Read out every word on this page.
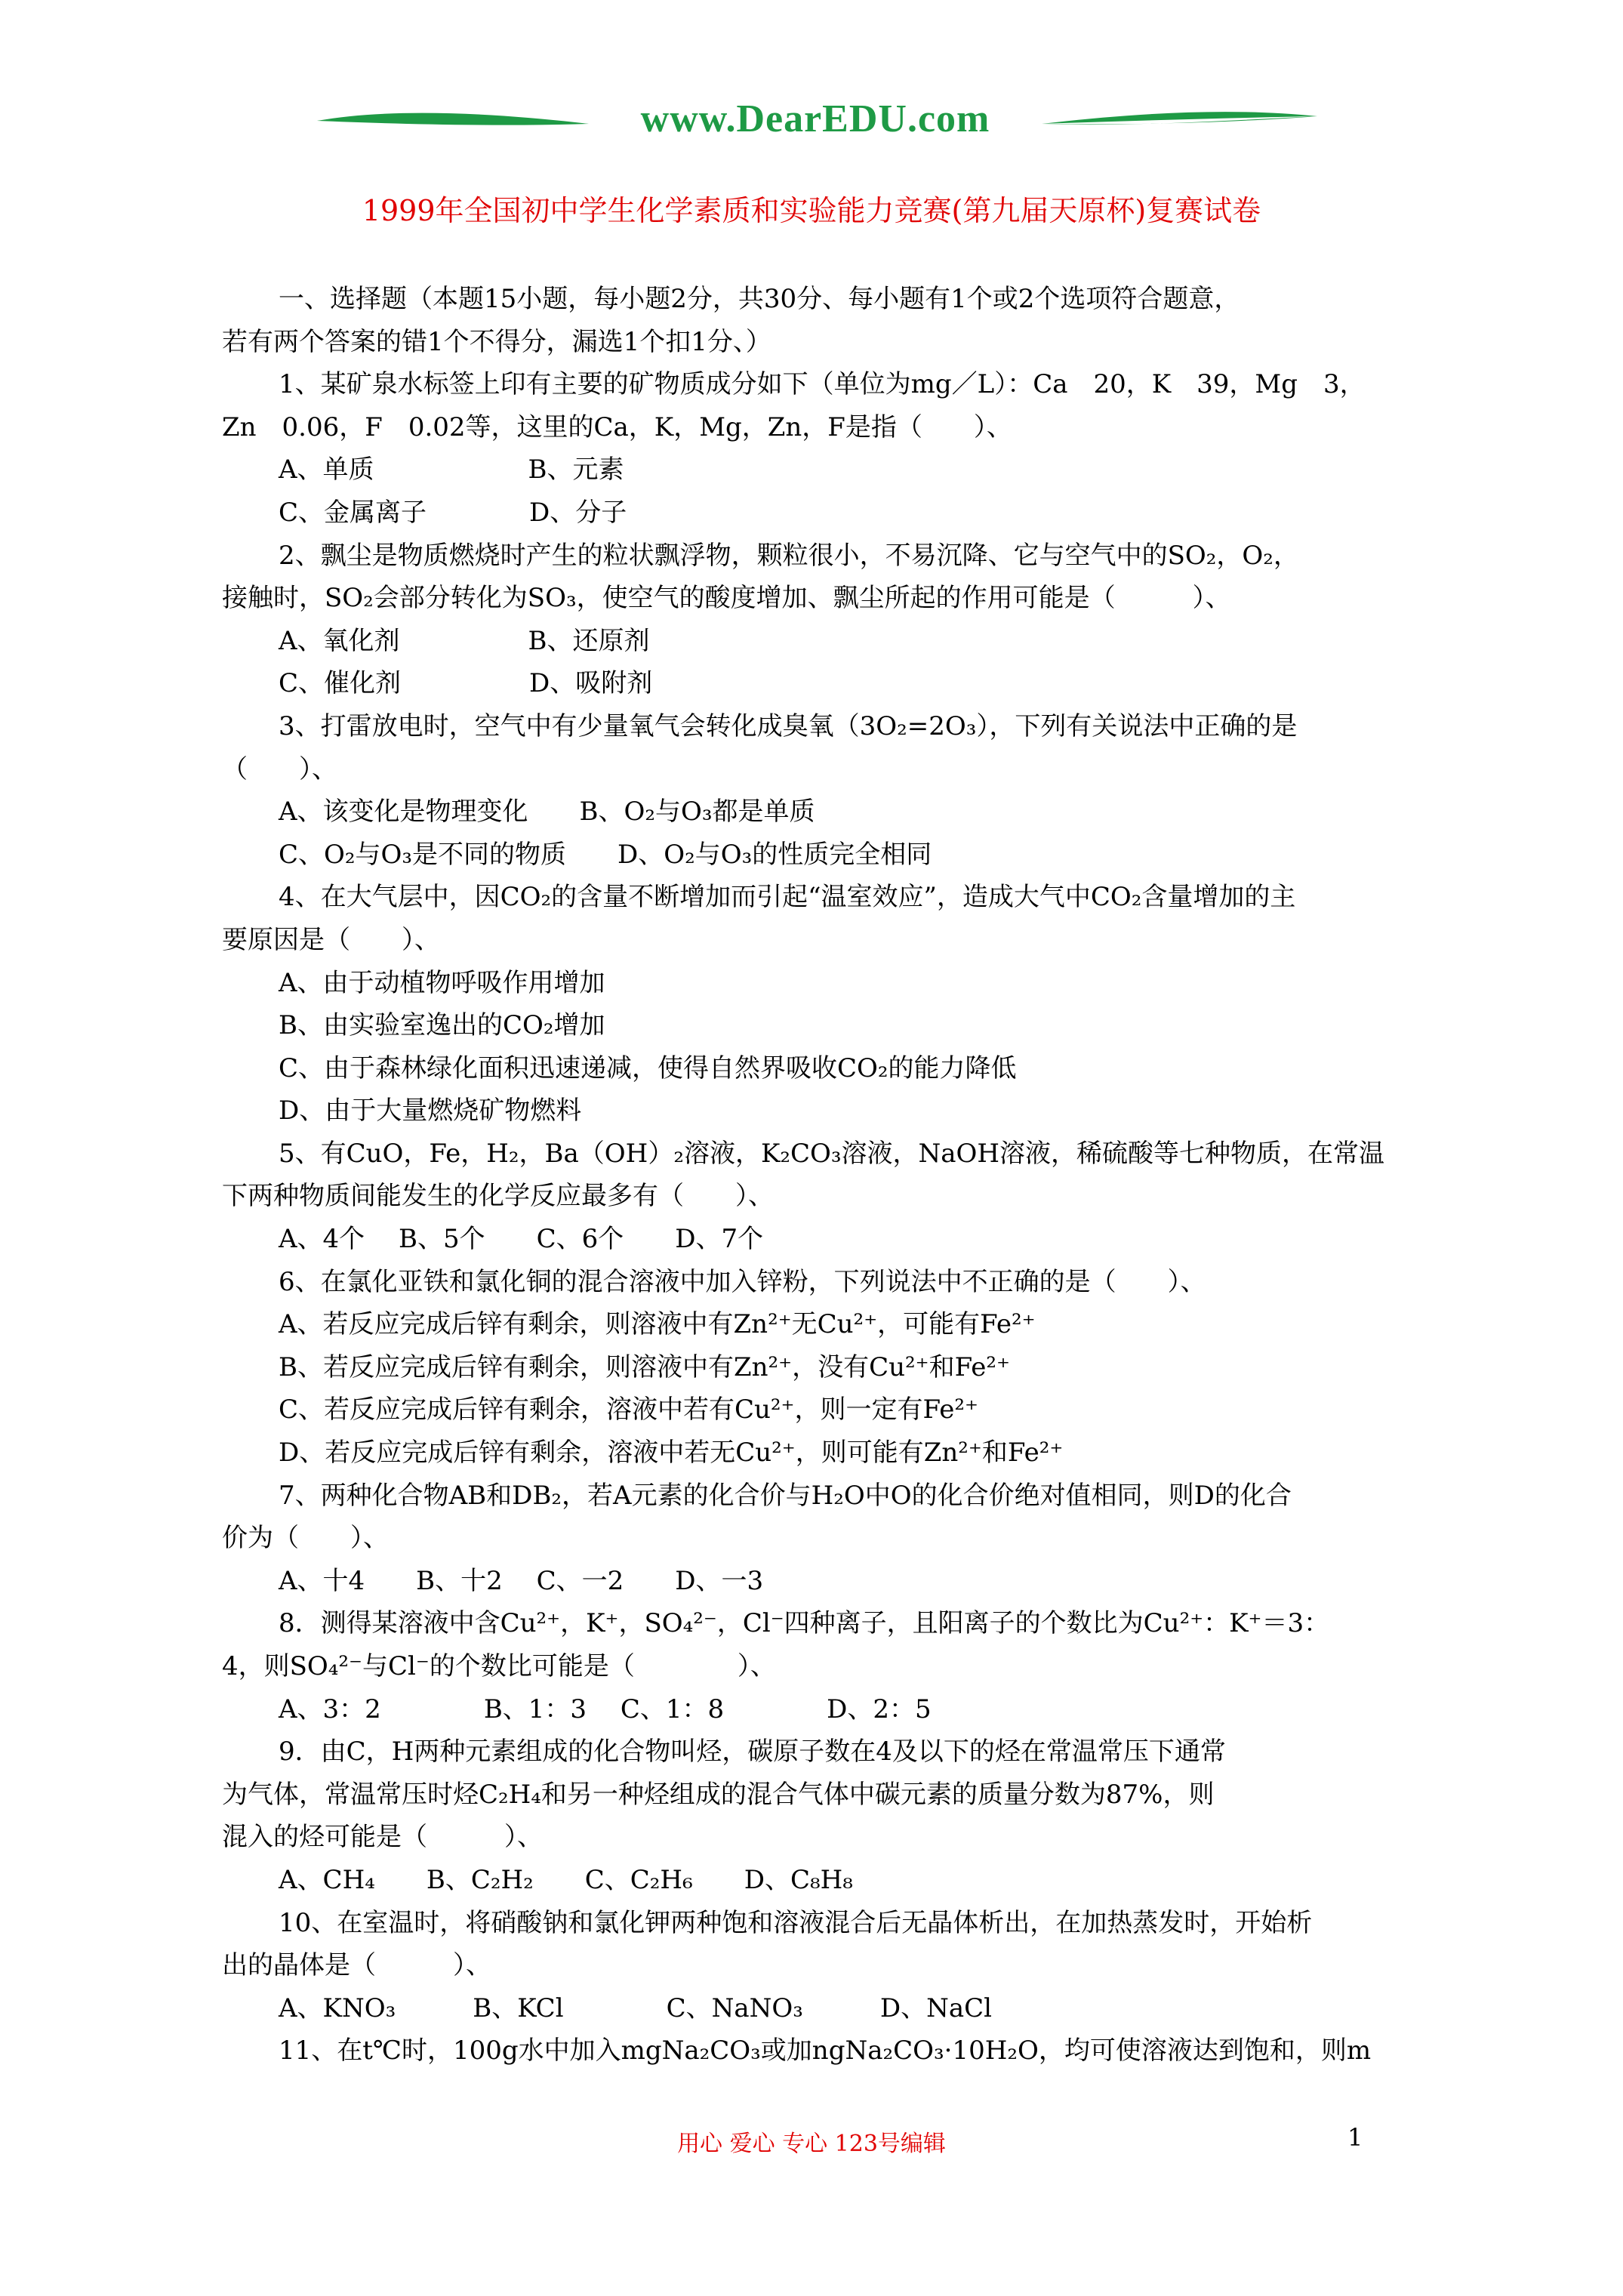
www.DearEDU.com
1999年全国初中学生化学素质和实验能力竞赛(第九届天原杯)复赛试卷
一、选择题（本题15小题，每小题2分，共30分、每小题有1个或2个选项符合题意，
若有两个答案的错1个不得分，漏选1个扣1分、）
1、某矿泉水标签上印有主要的矿物质成分如下（单位为mg／L）：Ca　20，K　39，Mg　3，
Zn　0.06，F　0.02等，这里的Ca，K，Mg，Zn，F是指（　　）、
A、单质　　　　　　B、元素
C、金属离子　　　　D、分子
2、飘尘是物质燃烧时产生的粒状飘浮物，颗粒很小，不易沉降、它与空气中的SO₂，O₂，
接触时，SO₂会部分转化为SO₃，使空气的酸度增加、飘尘所起的作用可能是（　　　）、
A、氧化剂　　　　　B、还原剂
C、催化剂　　　　　D、吸附剂
3、打雷放电时，空气中有少量氧气会转化成臭氧（3O₂=2O₃），下列有关说法中正确的是
（　　）、
A、该变化是物理变化　　B、O₂与O₃都是单质
C、O₂与O₃是不同的物质　　D、O₂与O₃的性质完全相同
4、在大气层中，因CO₂的含量不断增加而引起“温室效应”，造成大气中CO₂含量增加的主
要原因是（　　）、
A、由于动植物呼吸作用增加
B、由实验室逸出的CO₂增加
C、由于森林绿化面积迅速递减，使得自然界吸收CO₂的能力降低
D、由于大量燃烧矿物燃料
5、有CuO，Fe，H₂，Ba（OH）₂溶液，K₂CO₃溶液，NaOH溶液，稀硫酸等七种物质，在常温
下两种物质间能发生的化学反应最多有（　　）、
A、4个　 B、5个　　C、6个　　D、7个
6、在氯化亚铁和氯化铜的混合溶液中加入锌粉，下列说法中不正确的是（　　）、
A、若反应完成后锌有剩余，则溶液中有Zn²⁺无Cu²⁺，可能有Fe²⁺
B、若反应完成后锌有剩余，则溶液中有Zn²⁺，没有Cu²⁺和Fe²⁺
C、若反应完成后锌有剩余，溶液中若有Cu²⁺，则一定有Fe²⁺
D、若反应完成后锌有剩余，溶液中若无Cu²⁺，则可能有Zn²⁺和Fe²⁺
7、两种化合物AB和DB₂，若A元素的化合价与H₂O中O的化合价绝对值相同，则D的化合
价为（　　）、
A、十4　　B、十2　 C、一2　　D、一3
8．测得某溶液中含Cu²⁺，K⁺，SO₄²⁻，Cl⁻四种离子，且阳离子的个数比为Cu²⁺：K⁺＝3：
4，则SO₄²⁻与Cl⁻的个数比可能是（　　　　）、
A、3：2　　　　B、1：3　 C、1：8　　　　D、2：5
9．由C，H两种元素组成的化合物叫烃，碳原子数在4及以下的烃在常温常压下通常
为气体，常温常压时烃C₂H₄和另一种烃组成的混合气体中碳元素的质量分数为87%，则
混入的烃可能是（　　　）、
A、CH₄　　B、C₂H₂　　C、C₂H₆　　D、C₈H₈
10、在室温时，将硝酸钠和氯化钾两种饱和溶液混合后无晶体析出，在加热蒸发时，开始析
出的晶体是（　　　）、
A、KNO₃　　　B、KCl　　　　C、NaNO₃　　　D、NaCl
11、在t℃时，100g水中加入mgNa₂CO₃或加ngNa₂CO₃·10H₂O，均可使溶液达到饱和，则m
用心 爱心 专心 123号编辑	1
